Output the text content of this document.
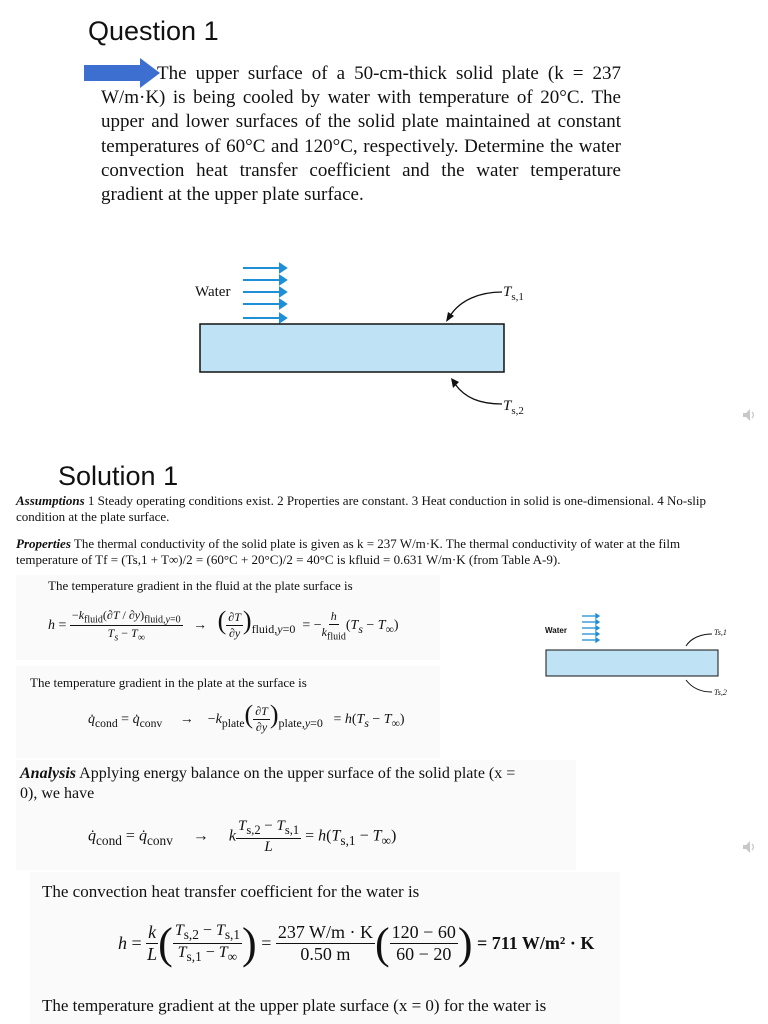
Question 1
The upper surface of a 50-cm-thick solid plate (k = 237 W/m·K) is being cooled by water with temperature of 20°C. The upper and lower surfaces of the solid plate maintained at constant temperatures of 60°C and 120°C, respectively. Determine the water convection heat transfer coefficient and the water temperature gradient at the upper plate surface.
Water	$T_{s,1}$
$T_{s,2}$
Solution 1
Assumptions 1 Steady operating conditions exist. 2 Properties are constant. 3 Heat conduction in solid is one-dimensional. 4 No-slip condition at the plate surface.
Properties The thermal conductivity of the solid plate is given as k = 237 W/m·K. The thermal conductivity of water at the film temperature of Tf = (Ts,1 + T∞)/2 = (60°C + 20°C)/2 = 40°C is kfluid = 0.631 W/m·K (from Table A-9).
The temperature gradient in the fluid at the plate surface is
$h = \frac{-k_{fluid}(\partial T / \partial y)_{fluid,y=0}}{T_s - T_\infty}$ →   ( $\frac{\partial T}{\partial y} )_{fluid,y=0}$  = − $\frac{h}{k_{fluid}} (T_s - T_\infty)$	Water	Ts,1
Ts,2
The temperature gradient in the plate at the surface is
$q̇_{cond}$ = $q̇_{conv}$     →    $-k_{plate}( \frac{\partial T}{\partial y} )_{plate,y=0} = h(T_s - T_\infty)$
Analysis Applying energy balance on the upper surface of the solid plate (x = 0), we have
$q̇_{cond}$ = $q̇_{conv}$     →     k $\frac{T_{s,2} - T_{s,1}}{L} = h(T_{s,1} - T_\infty)$
The convection heat transfer coefficient for the water is
$h = \frac{k}{L}$ ( $\frac{T_{s,2} - T_{s,1}}{T_{s,1} - T_\infty}$ ) = $\frac{237 W/m \cdot K}{0.50 m}$ ( $\frac{120 - 60}{60 - 20}$ )
= 711 W/m² · K
The temperature gradient at the upper plate surface (x = 0) for the water is
